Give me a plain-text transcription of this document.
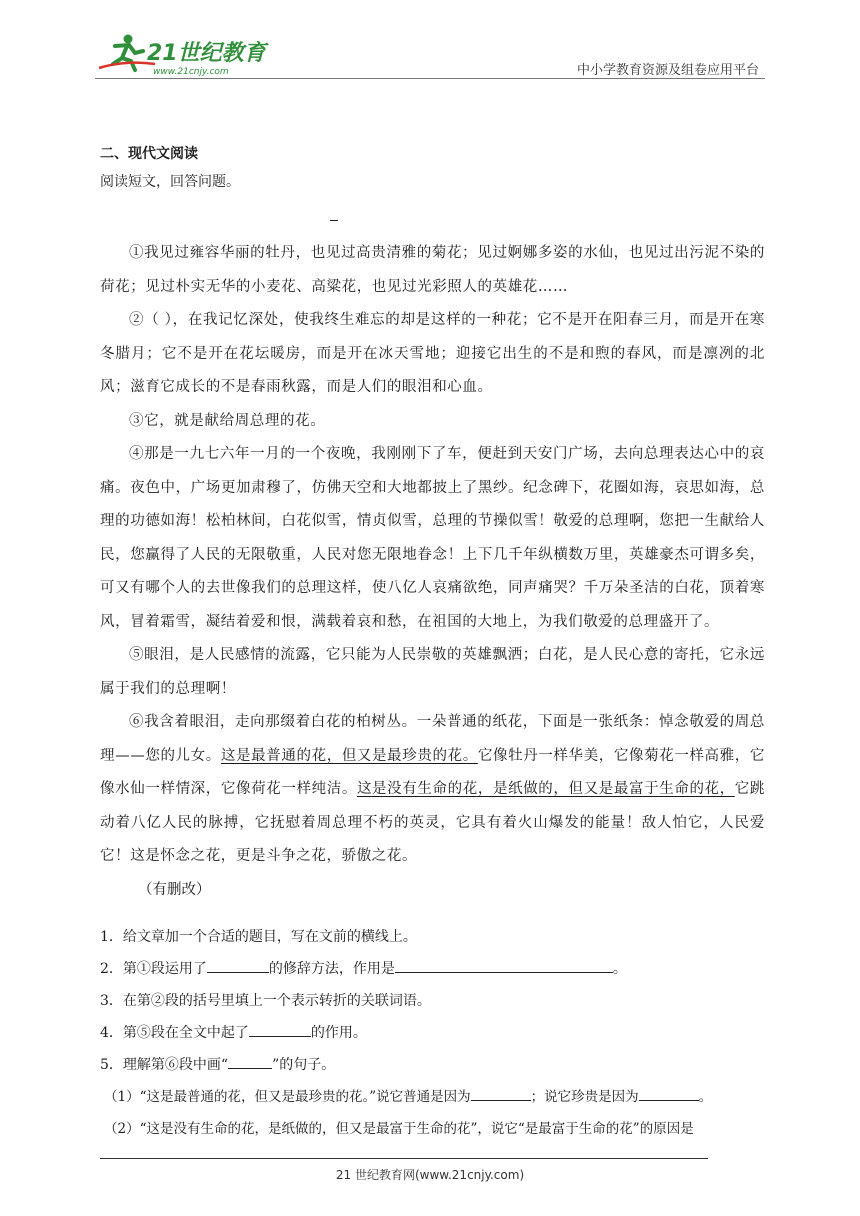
21世纪教育
www.21cnjy.com	中小学教育资源及组卷应用平台
二、现代文阅读
阅读短文，回答问题。

①我见过雍容华丽的牡丹，也见过高贵清雅的菊花；见过婀娜多姿的水仙，也见过出污泥不染的荷花；见过朴实无华的小麦花、高粱花，也见过光彩照人的英雄花……

②（ ），在我记忆深处，使我终生难忘的却是这样的一种花；它不是开在阳春三月，而是开在寒冬腊月；它不是开在花坛暖房，而是开在冰天雪地；迎接它出生的不是和煦的春风，而是凛冽的北风；滋育它成长的不是春雨秋露，而是人们的眼泪和心血。

③它，就是献给周总理的花。

④那是一九七六年一月的一个夜晚，我刚刚下了车，便赶到天安门广场，去向总理表达心中的哀痛。夜色中，广场更加肃穆了，仿佛天空和大地都披上了黑纱。纪念碑下，花圈如海，哀思如海，总理的功德如海！松柏林间，白花似雪，情贞似雪，总理的节操似雪！敬爱的总理啊，您把一生献给人民，您赢得了人民的无限敬重，人民对您无限地眷念！上下几千年纵横数万里，英雄豪杰可谓多矣，可又有哪个人的去世像我们的总理这样，使八亿人哀痛欲绝，同声痛哭？千万朵圣洁的白花，顶着寒风，冒着霜雪，凝结着爱和恨，满载着哀和愁，在祖国的大地上，为我们敬爱的总理盛开了。

⑤眼泪，是人民感情的流露，它只能为人民崇敬的英雄飘洒；白花，是人民心意的寄托，它永远属于我们的总理啊！

⑥我含着眼泪，走向那缀着白花的柏树丛。一朵普通的纸花，下面是一张纸条：悼念敬爱的周总理——您的儿女。这是最普通的花，但又是最珍贵的花。它像牡丹一样华美，它像菊花一样高雅，它像水仙一样情深，它像荷花一样纯洁。这是没有生命的花，是纸做的，但又是最富于生命的花，它跳动着八亿人民的脉搏，它抚慰着周总理不朽的英灵，它具有着火山爆发的能量！敌人怕它，人民爱它！这是怀念之花，更是斗争之花，骄傲之花。

（有删改）

1．给文章加一个合适的题目，写在文前的横线上。

2．第①段运用了	的修辞方法，作用是	。

3．在第②段的括号里填上一个表示转折的关联词语。

4．第⑤段在全文中起了	的作用。

5．理解第⑥段中画“	”的句子。

（1）“这是最普通的花，但又是最珍贵的花。”说它普通是因为	；说它珍贵是因为	。

（2）“这是没有生命的花，是纸做的，但又是最富于生命的花”，说它“是最富于生命的花”的原因是

21 世纪教育网(www.21cnjy.com)
